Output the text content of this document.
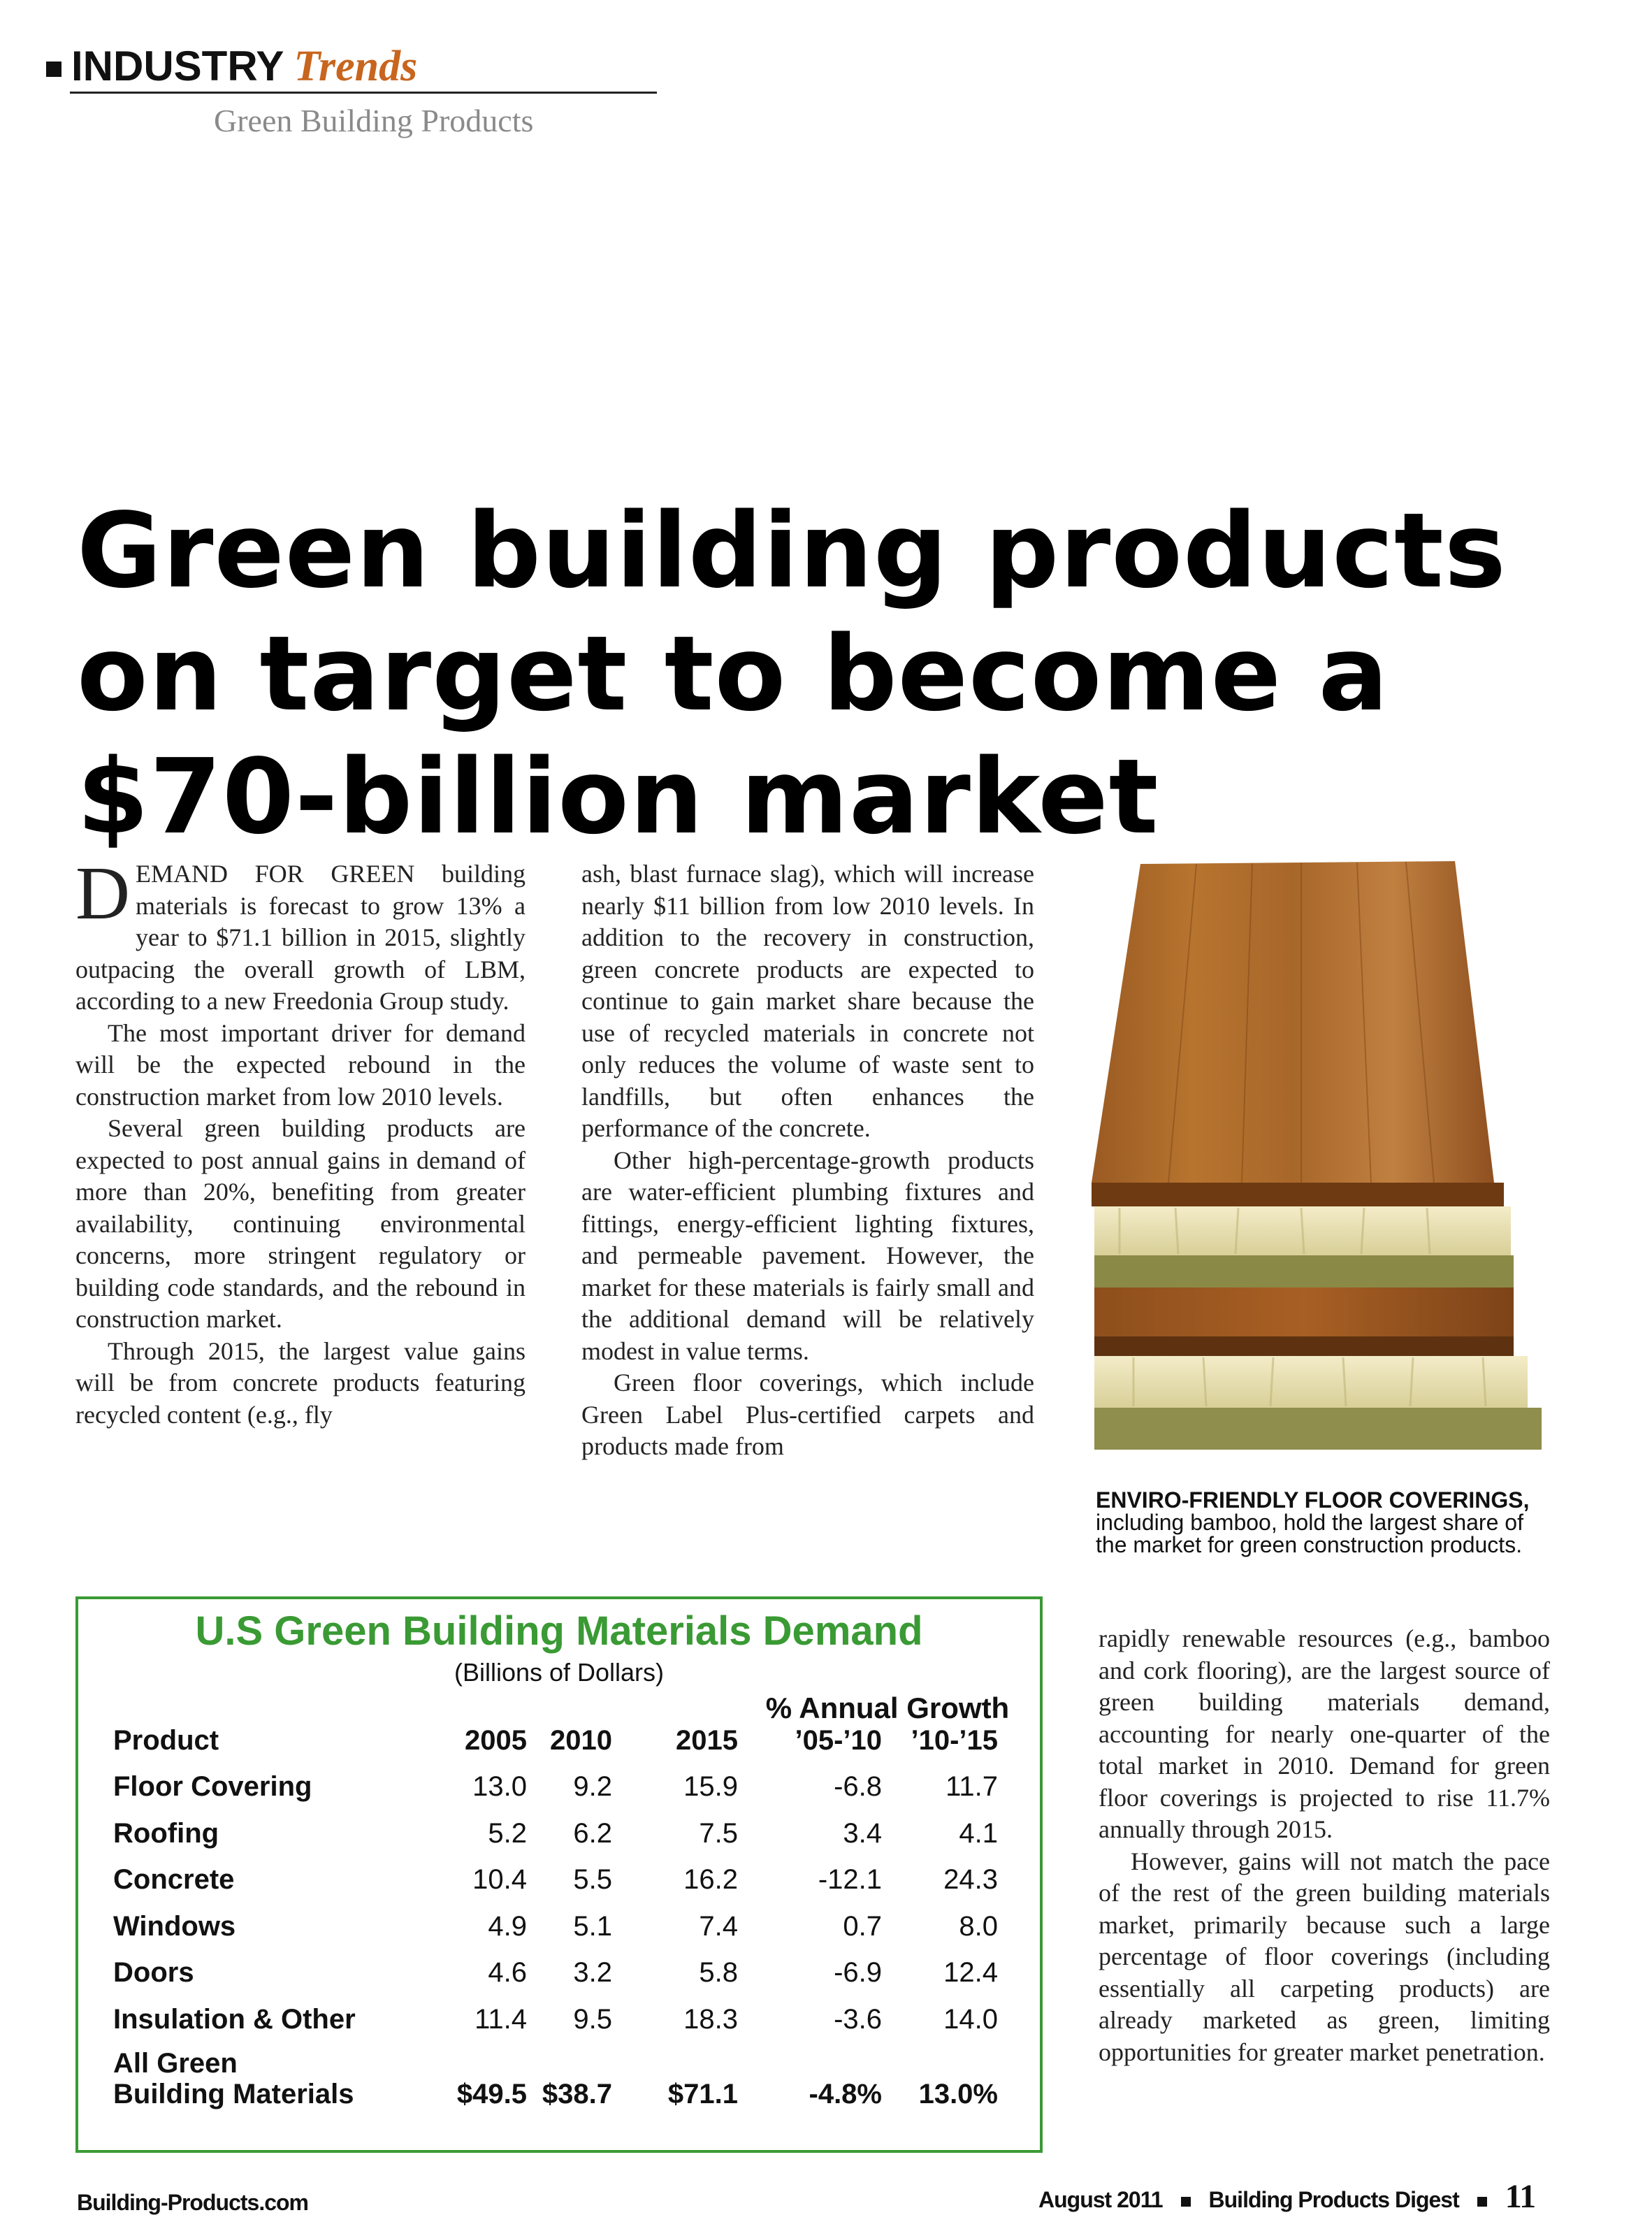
INDUSTRY Trends
Green Building Products
Green building products on target to become a $70-billion market

DEMAND FOR GREEN building materials is forecast to grow 13% a year to $71.1 billion in 2015, slightly outpacing the overall growth of LBM, according to a new Freedonia Group study.

The most important driver for demand will be the expected rebound in the construction market from low 2010 levels.

Several green building products are expected to post annual gains in demand of more than 20%, benefiting from greater availability, continuing environmental concerns, more stringent regulatory or building code standards, and the rebound in construction market.

Through 2015, the largest value gains will be from concrete products featuring recycled content (e.g., fly

ash, blast furnace slag), which will increase nearly $11 billion from low 2010 levels. In addition to the recovery in construction, green concrete products are expected to continue to gain market share because the use of recycled materials in concrete not only reduces the volume of waste sent to landfills, but often enhances the performance of the concrete.

Other high-percentage-growth products are water-efficient plumbing fixtures and fittings, energy-efficient lighting fixtures, and permeable pavement. However, the market for these materials is fairly small and the additional demand will be relatively modest in value terms.

Green floor coverings, which include Green Label Plus-certified carpets and products made from

ENVIRO-FRIENDLY FLOOR COVERINGS, including bamboo, hold the largest share of the market for green construction products.
U.S Green Building Materials Demand
(Billions of Dollars)
% Annual Growth
Product	2005 2010	2015	’05-’10	’10-’15
Floor Covering	13.0	9.2	15.9	-6.8	11.7
Roofing	5.2	6.2	7.5	3.4	4.1
Concrete	10.4	5.5	16.2	-12.1	24.3
Windows	4.9	5.1	7.4	0.7	8.0
Doors	4.6	3.2	5.8	-6.9	12.4
Insulation & Other	11.4	9.5	18.3	-3.6	14.0
All Green
Building Materials	$49.5 $38.7	$71.1	-4.8%	13.0%

rapidly renewable resources (e.g., bamboo and cork flooring), are the largest source of green building materials demand, accounting for nearly one-quarter of the total market in 2010. Demand for green floor coverings is projected to rise 11.7% annually through 2015.

However, gains will not match the pace of the rest of the green building materials market, primarily because such a large percentage of floor coverings (including essentially all carpeting products) are already marketed as green, limiting opportunities for greater market penetration.

Building-Products.com	August 2011 Building Products Digest 11
